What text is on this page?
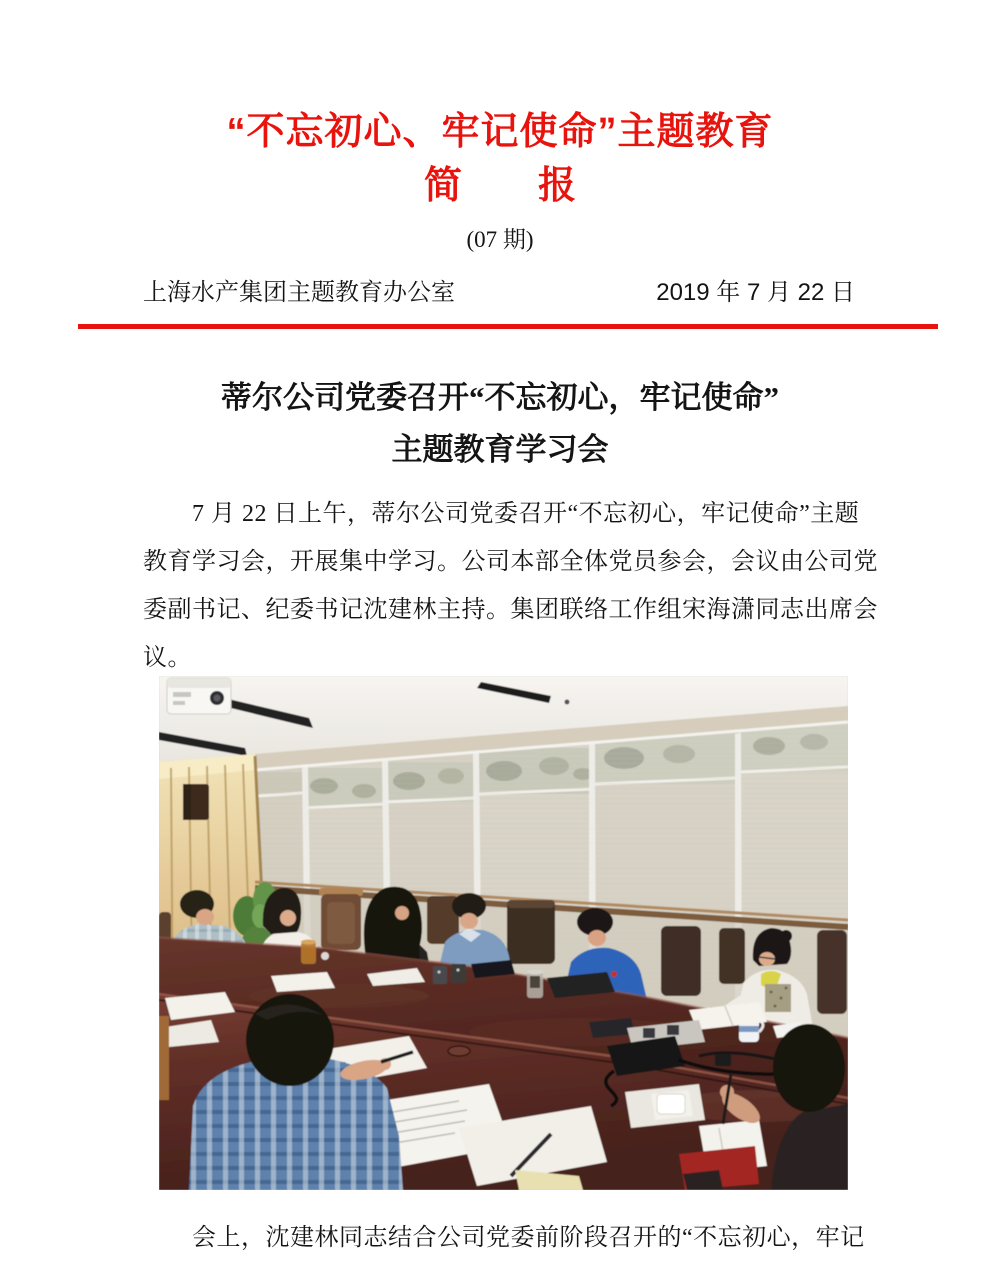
“不忘初心、牢记使命”主题教育
简　　报
(07 期)
上海水产集团主题教育办公室	2019 年 7 月 22 日
蒂尔公司党委召开“不忘初心，牢记使命”
主题教育学习会
7 月 22 日上午，蒂尔公司党委召开“不忘初心，牢记使命”主题
教育学习会，开展集中学习。公司本部全体党员参会，会议由公司党
委副书记、纪委书记沈建林主持。集团联络工作组宋海潇同志出席会
议。
会上，沈建林同志结合公司党委前阶段召开的“不忘初心，牢记
